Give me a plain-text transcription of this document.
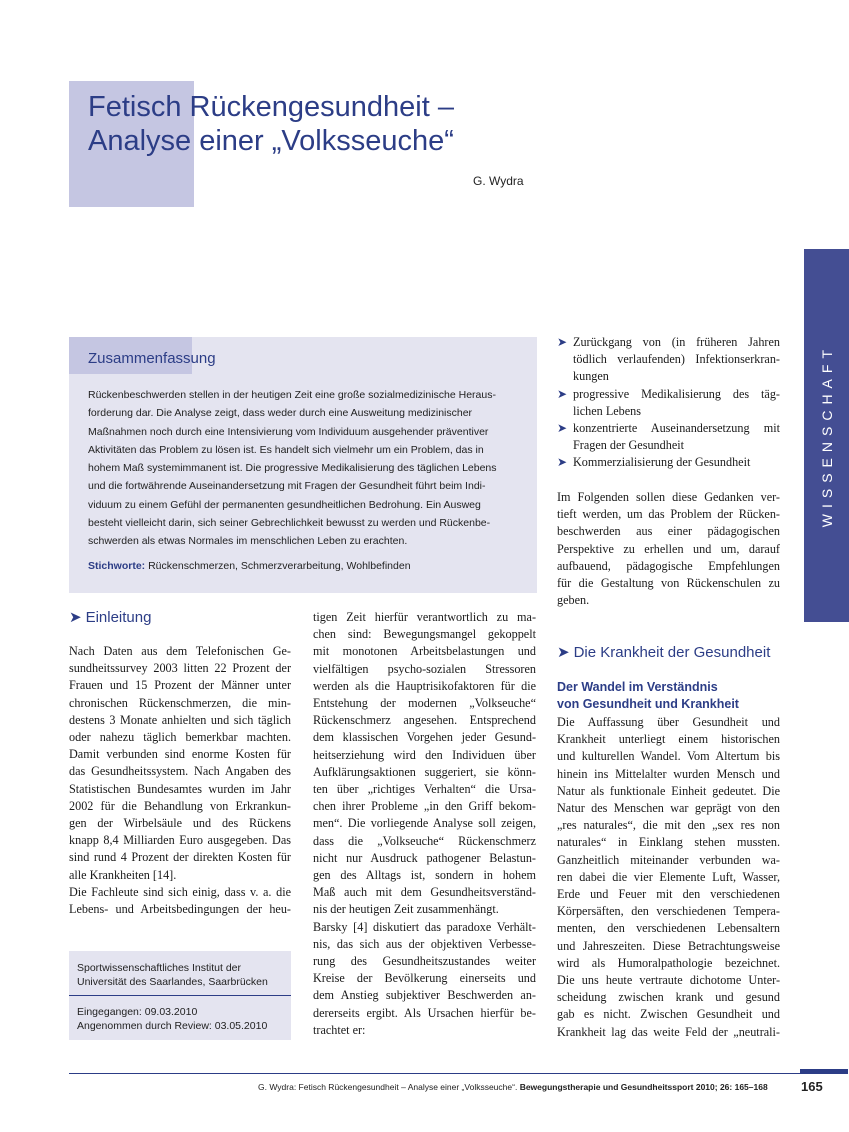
Fetisch Rückengesundheit –
Analyse einer „Volksseuche“
G. Wydra
WISSENSCHAFT
Zusammenfassung
Rückenbeschwerden stellen in der heutigen Zeit eine große sozialmedizinische Heraus-
forderung dar. Die Analyse zeigt, dass weder durch eine Ausweitung medizinischer
Maßnahmen noch durch eine Intensivierung vom Individuum ausgehender präventiver
Aktivitäten das Problem zu lösen ist. Es handelt sich vielmehr um ein Problem, das in
hohem Maß systemimmanent ist. Die progressive Medikalisierung des täglichen Lebens
und die fortwährende Auseinandersetzung mit Fragen der Gesundheit führt beim Indi-
viduum zu einem Gefühl der permanenten gesundheitlichen Bedrohung. Ein Ausweg
besteht vielleicht darin, sich seiner Gebrechlichkeit bewusst zu werden und Rückenbe-
schwerden als etwas Normales im menschlichen Leben zu erachten.
Stichworte: Rückenschmerzen, Schmerzverarbeitung, Wohlbefinden
➤ Einleitung
Nach Daten aus dem Telefonischen Ge-
sundheitssurvey 2003 litten 22 Prozent der
Frauen und 15 Prozent der Männer unter
chronischen Rückenschmerzen, die min-
destens 3 Monate anhielten und sich täglich
oder nahezu täglich bemerkbar machten.
Damit verbunden sind enorme Kosten für
das Gesundheitssystem. Nach Angaben des
Statistischen Bundesamtes wurden im Jahr
2002 für die Behandlung von Erkrankun-
gen der Wirbelsäule und des Rückens
knapp 8,4 Milliarden Euro ausgegeben. Das
sind rund 4 Prozent der direkten Kosten für
alle Krankheiten [14].
Die Fachleute sind sich einig, dass v. a. die
Lebens- und Arbeitsbedingungen der heu-
Sportwissenschaftliches Institut der
Universität des Saarlandes, Saarbrücken
Eingegangen: 09.03.2010
Angenommen durch Review: 03.05.2010
tigen Zeit hierfür verantwortlich zu ma-
chen sind: Bewegungsmangel gekoppelt
mit monotonen Arbeitsbelastungen und
vielfältigen psycho-sozialen Stressoren
werden als die Hauptrisikofaktoren für die
Entstehung der modernen „Volkseuche“
Rückenschmerz angesehen. Entsprechend
dem klassischen Vorgehen jeder Gesund-
heitserziehung wird den Individuen über
Aufklärungsaktionen suggeriert, sie könn-
ten über „richtiges Verhalten“ die Ursa-
chen ihrer Probleme „in den Griff bekom-
men“. Die vorliegende Analyse soll zeigen,
dass die „Volkseuche“ Rückenschmerz
nicht nur Ausdruck pathogener Belastun-
gen des Alltags ist, sondern in hohem
Maß auch mit dem Gesundheitsverständ-
nis der heutigen Zeit zusammenhängt.
Barsky [4] diskutiert das paradoxe Verhält-
nis, das sich aus der objektiven Verbesse-
rung des Gesundheitszustandes weiter
Kreise der Bevölkerung einerseits und
dem Anstieg subjektiver Beschwerden an-
dererseits ergibt. Als Ursachen hierfür be-
trachtet er:
➤ Zurückgang von (in früheren Jahren
tödlich verlaufenden) Infektionserkran-
kungen
➤ progressive Medikalisierung des täg-
lichen Lebens
➤ konzentrierte Auseinandersetzung mit
Fragen der Gesundheit
➤ Kommerzialisierung der Gesundheit
Im Folgenden sollen diese Gedanken ver-
tieft werden, um das Problem der Rücken-
beschwerden aus einer pädagogischen
Perspektive zu erhellen und um, darauf
aufbauend, pädagogische Empfehlungen
für die Gestaltung von Rückenschulen zu
geben.
➤ Die Krankheit der Gesundheit
Der Wandel im Verständnis
von Gesundheit und Krankheit
Die Auffassung über Gesundheit und
Krankheit unterliegt einem historischen
und kulturellen Wandel. Vom Altertum bis
hinein ins Mittelalter wurden Mensch und
Natur als funktionale Einheit gedeutet. Die
Natur des Menschen war geprägt von den
„res naturales“, die mit den „sex res non
naturales“ in Einklang stehen mussten.
Ganzheitlich miteinander verbunden wa-
ren dabei die vier Elemente Luft, Wasser,
Erde und Feuer mit den verschiedenen
Körpersäften, den verschiedenen Tempera-
menten, den verschiedenen Lebensaltern
und Jahreszeiten. Diese Betrachtungsweise
wird als Humoralpathologie bezeichnet.
Die uns heute vertraute dichotome Unter-
scheidung zwischen krank und gesund
gab es nicht. Zwischen Gesundheit und
Krankheit lag das weite Feld der „neutrali-
G. Wydra: Fetisch Rückengesundheit – Analyse einer „Volksseuche“. Bewegungstherapie und Gesundheitssport 2010; 26: 165–168	165
